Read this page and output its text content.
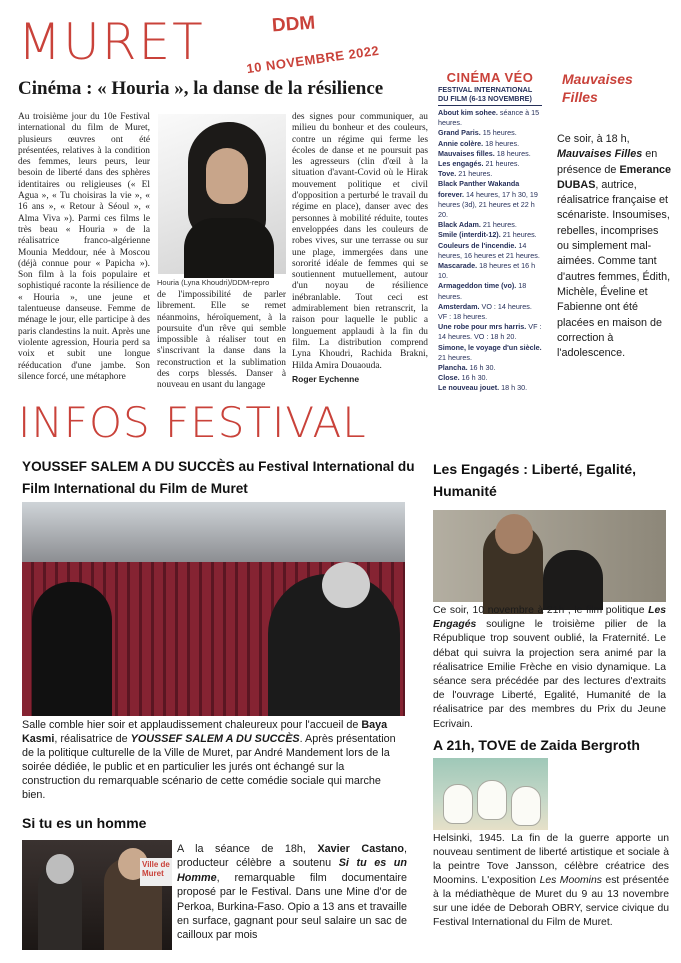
MURET	DDM
10 NOVEMBRE 2022
Cinéma : « Houria », la danse de la résilience

Au troisième jour du 10e Festival international du film de Muret, plusieurs œuvres ont été présentées, relatives à la condition des femmes, leurs peurs, leur besoin de liberté dans des sphères identitaires ou religieuses (« El Agua », « Tu choisiras la vie », « 16 ans », « Retour à Séoul », « Alma Viva »). Parmi ces films le très beau « Houria » de la réalisatrice franco-algérienne Mounia Meddour, née à Moscou (déjà connue pour « Papicha »). Son film à la fois populaire et sophistiqué raconte la résilience de « Houria », une jeune et talentueuse danseuse. Femme de ménage le jour, elle participe à des paris clandestins la nuit. Après une violente agression, Houria perd sa voix et subit une longue rééducation d'une jambe. Son silence forcé, une métaphore

Houria (Lyna Khoudri)/DDM-repro

de l'impossibilité de parler librement. Elle se remet néanmoins, héroïquement, à la poursuite d'un rêve qui semble impossible à réaliser tout en s'inscrivant la danse dans la reconstruction et la sublimation des corps blessés. Danser à nouveau en usant du langage

des signes pour communiquer, au milieu du bonheur et des couleurs, contre un régime qui ferme les écoles de danse et ne poursuit pas les agresseurs (clin d'œil à la situation d'avant-Covid où le Hirak mouvement politique et civil d'opposition a perturbé le travail du régime en place), danser avec des personnes à mobilité réduite, toutes enveloppées dans les couleurs de robes vives, sur une terrasse ou sur une plage, immergées dans une sororité idéale de femmes qui se soutiennent mutuellement, autour d'un noyau de résilience inébranlable. Tout ceci est admirablement bien retranscrit, la raison pour laquelle le public a longuement applaudi à la fin du film. La distribution comprend Lyna Khoudri, Rachida Brakni, Hilda Amira Douaouda.

Roger Eychenne
CINÉMA VÉO
FESTIVAL INTERNATIONAL DU FILM (6-13 NOVEMBRE)
About kim sohee. séance à 15 heures.
Grand Paris. 15 heures.
Annie colère. 18 heures.
Mauvaises filles. 18 heures.
Les engagés. 21 heures.
Tove. 21 heures.
Black Panther Wakanda forever. 14 heures, 17 h 30, 19 heures (3d), 21 heures et 22 h 20.
Black Adam. 21 heures.
Smile (interdit-12). 21 heures.
Couleurs de l'incendie. 14 heures, 16 heures et 21 heures.
Mascarade. 18 heures et 16 h 10.
Armageddon time (vo). 18 heures.
Amsterdam. VO : 14 heures. VF : 18 heures.
Une robe pour mrs harris. VF : 14 heures. VO : 18 h 20.
Simone, le voyage d'un siècle. 21 heures.
Plancha. 16 h 30.
Close. 16 h 30.
Le nouveau jouet. 18 h 30.
Mauvaises Filles
Ce soir, à 18 h, Mauvaises Filles en présence de Emerance DUBAS, autrice, réalisatrice française et scénariste. Insoumises, rebelles, incomprises ou simplement mal-aimées. Comme tant d'autres femmes, Édith, Michèle, Éveline et Fabienne ont été placées en maison de correction à l'adolescence.
INFOS FESTIVAL
YOUSSEF SALEM A DU SUCCÈS au Festival International du Film International du Film de Muret
Salle comble hier soir et applaudissement chaleureux pour l'accueil de Baya Kasmi, réalisatrice de YOUSSEF SALEM A DU SUCCÈS. Après présentation de la politique culturelle de la Ville de Muret, par André Mandement lors de la soirée dédiée, le public et en particulier les jurés ont échangé sur la construction du remarquable scénario de cette comédie sociale qui marche bien.
Si tu es un homme
Ville de Muret
A la séance de 18h, Xavier Castano, producteur célèbre a soutenu Si tu es un Homme, remarquable film documentaire proposé par le Festival. Dans une Mine d'or de Perkoa, Burkina-Faso. Opio a 13 ans et travaille en surface, gagnant pour seul salaire un sac de cailloux par mois
Les Engagés : Liberté, Egalité, Humanité
Ce soir, 10 novembre à 21h , le film politique Les Engagés souligne le troisième pilier de la République trop souvent oublié, la Fraternité. Le débat qui suivra la projection sera animé par la réalisatrice Emilie Frèche en visio dynamique. La séance sera précédée par des lectures d'extraits de l'ouvrage Liberté, Egalité, Humanité de la réalisatrice par des membres du Prix du Jeune Ecrivain.
A 21h, TOVE de Zaida Bergroth
Helsinki, 1945. La fin de la guerre apporte un nouveau sentiment de liberté artistique et sociale à la peintre Tove Jansson, célèbre créatrice des Moomins. L'exposition Les Moomins est présentée à la médiathèque de Muret du 9 au 13 novembre sur une idée de Deborah OBRY, service civique du Festival International du Film de Muret.
